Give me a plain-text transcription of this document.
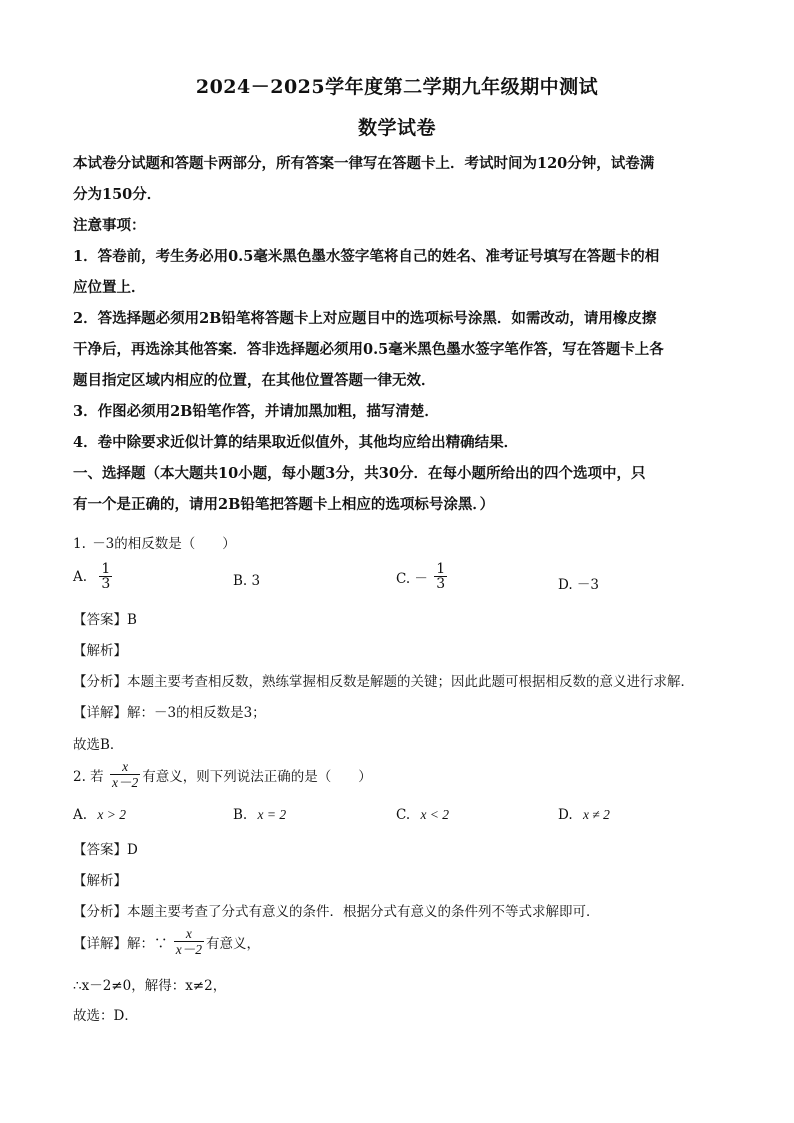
2024－2025学年度第二学期九年级期中测试
数学试卷
本试卷分试题和答题卡两部分，所有答案一律写在答题卡上．考试时间为120分钟，试卷满
分为150分．
注意事项：
1．答卷前，考生务必用0.5毫米黑色墨水签字笔将自己的姓名、准考证号填写在答题卡的相
应位置上．
2．答选择题必须用2B铅笔将答题卡上对应题目中的选项标号涂黑．如需改动，请用橡皮擦
干净后，再选涂其他答案．答非选择题必须用0.5毫米黑色墨水签字笔作答，写在答题卡上各
题目指定区域内相应的位置，在其他位置答题一律无效．
3．作图必须用2B铅笔作答，并请加黑加粗，描写清楚．
4．卷中除要求近似计算的结果取近似值外，其他均应给出精确结果．
一、选择题（本大题共10小题，每小题3分，共30分．在每小题所给出的四个选项中，只
有一个是正确的，请用2B铅笔把答题卡上相应的选项标号涂黑．）
1. －3的相反数是（　　）
A. $\frac{1}{3}$	B. 3	C. － $\frac{1}{3}$	D. －3
【答案】B
【解析】
【分析】本题主要考查相反数，熟练掌握相反数是解题的关键；因此此题可根据相反数的意义进行求解．
【详解】解：－3的相反数是3；
故选B．
2. 若 $\frac{x}{x-2}$ 有意义，则下列说法正确的是（　　）
A. x > 2	B. x = 2	C. x < 2	D. x ≠ 2
【答案】D
【解析】
【分析】本题主要考查了分式有意义的条件．根据分式有意义的条件列不等式求解即可．
【详解】解：∵ $\frac{x}{x-2}$ 有意义，
∴x－2≠0，解得：x≠2，
故选：D．
